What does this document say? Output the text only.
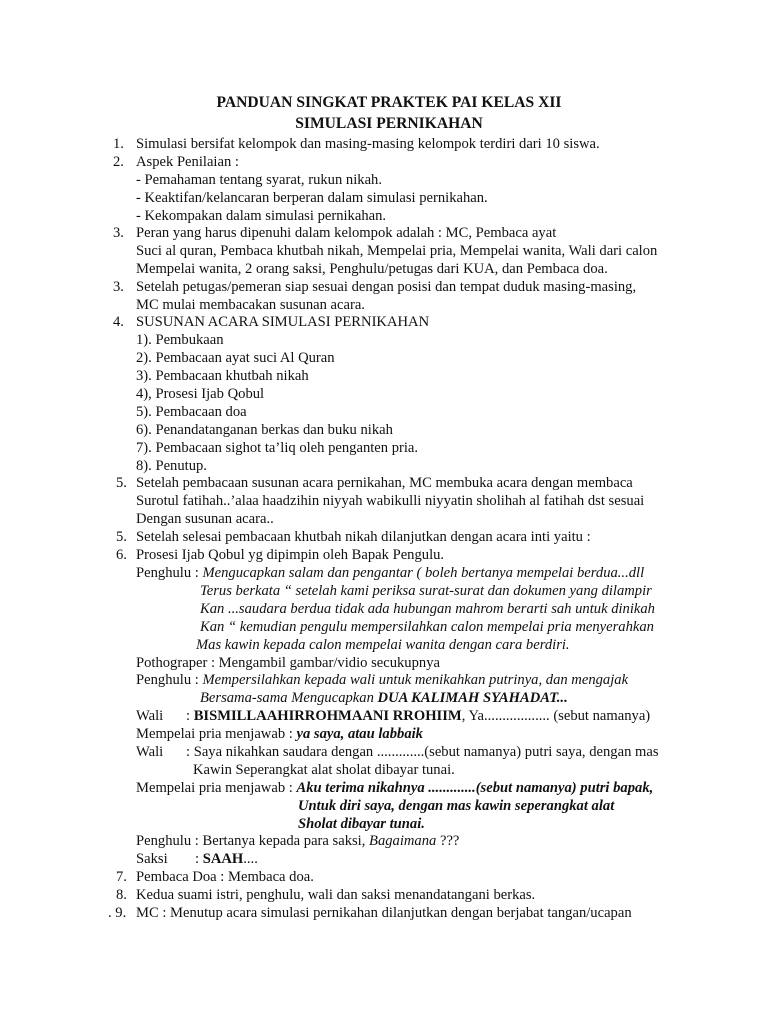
PANDUAN SINGKAT PRAKTEK PAI KELAS XII
SIMULASI PERNIKAHAN
1. Simulasi bersifat kelompok dan masing-masing kelompok terdiri dari 10 siswa.
2. Aspek Penilaian :
- Pemahaman tentang syarat, rukun nikah.
- Keaktifan/kelancaran berperan dalam simulasi pernikahan.
- Kekompakan dalam simulasi pernikahan.
3. Peran yang harus dipenuhi dalam kelompok adalah : MC, Pembaca ayat
Suci al quran, Pembaca khutbah nikah, Mempelai pria, Mempelai wanita, Wali dari calon
Mempelai wanita, 2 orang saksi, Penghulu/petugas dari KUA, dan Pembaca doa.
3. Setelah petugas/pemeran siap sesuai dengan posisi dan tempat duduk masing-masing,
MC mulai membacakan susunan acara.
4. SUSUNAN ACARA SIMULASI PERNIKAHAN
1). Pembukaan
2). Pembacaan ayat suci Al Quran
3). Pembacaan khutbah nikah
4), Prosesi Ijab Qobul
5). Pembacaan doa
6). Penandatanganan berkas dan buku nikah
7). Pembacaan sighot ta’liq oleh penganten pria.
8). Penutup.
5. Setelah pembacaan susunan acara pernikahan, MC membuka acara dengan membaca
Surotul fatihah..’alaa haadzihin niyyah wabikulli niyyatin sholihah al fatihah dst sesuai
Dengan susunan acara..
5. Setelah selesai pembacaan khutbah nikah dilanjutkan dengan acara inti yaitu :
6. Prosesi Ijab Qobul yg dipimpin oleh Bapak Pengulu.
Penghulu : Mengucapkan salam dan pengantar ( boleh bertanya mempelai berdua...dll
Terus berkata “ setelah kami periksa surat-surat dan dokumen yang dilampir
Kan ...saudara berdua tidak ada hubungan mahrom berarti sah untuk dinikah
Kan “ kemudian pengulu mempersilahkan calon mempelai pria menyerahkan
Mas kawin kepada calon mempelai wanita dengan cara berdiri.
Pothograper : Mengambil gambar/vidio secukupnya
Penghulu : Mempersilahkan kepada wali untuk menikahkan putrinya, dan mengajak
Bersama-sama Mengucapkan DUA KALIMAH SYAHADAT...
Wali : BISMILLAAHIRROHMAANI RROHIIM, Ya.................. (sebut namanya)
Mempelai pria menjawab : ya saya, atau labbaik
Wali : Saya nikahkan saudara dengan .............(sebut namanya) putri saya, dengan mas
Kawin Seperangkat alat sholat dibayar tunai.
Mempelai pria menjawab : Aku terima nikahnya .............(sebut namanya) putri bapak,
Untuk diri saya, dengan mas kawin seperangkat alat
Sholat dibayar tunai.
Penghulu : Bertanya kepada para saksi, Bagaimana ???
Saksi : SAAH....
7. Pembaca Doa : Membaca doa.
8. Kedua suami istri, penghulu, wali dan saksi menandatangani berkas.
. 9. MC : Menutup acara simulasi pernikahan dilanjutkan dengan berjabat tangan/ucapan
